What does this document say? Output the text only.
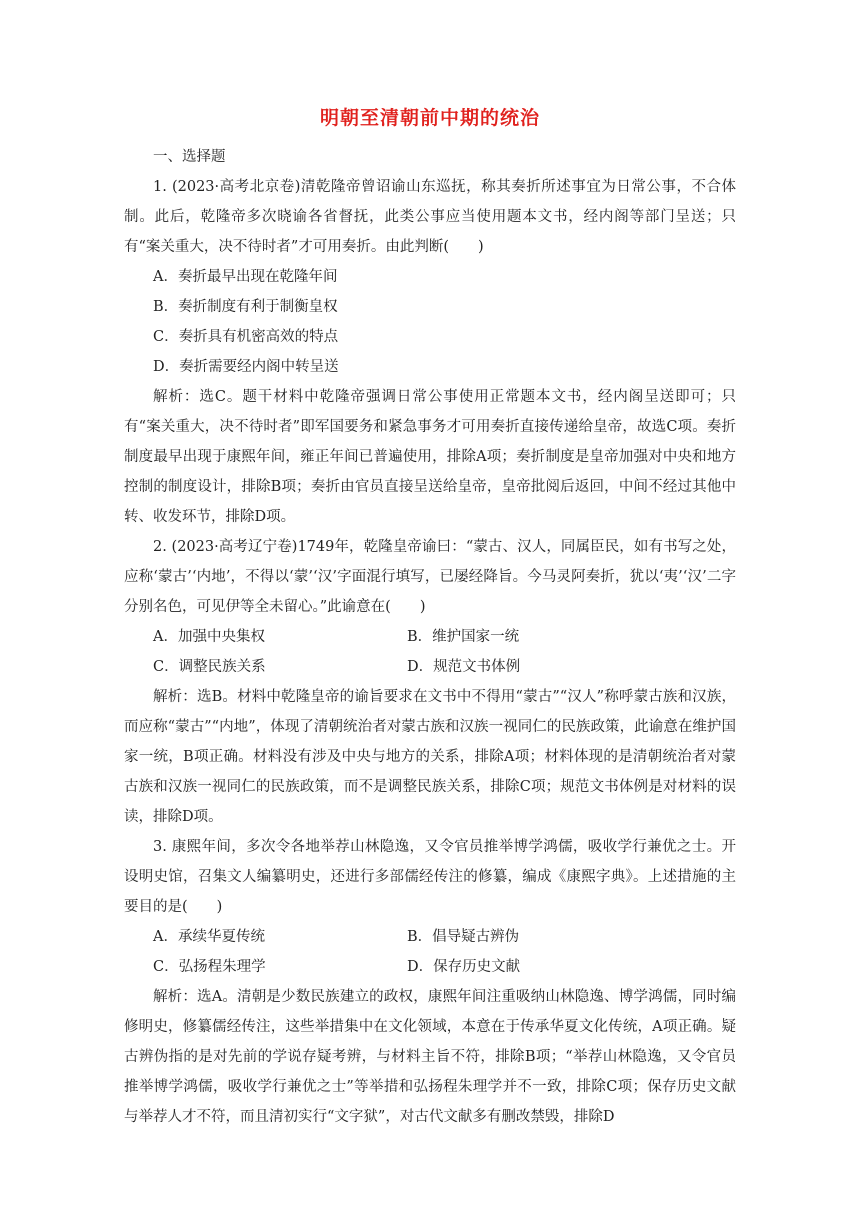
明朝至清朝前中期的统治

一、选择题

1. (2023·高考北京卷)清乾隆帝曾诏谕山东巡抚，称其奏折所述事宜为日常公事，不合体制。此后，乾隆帝多次晓谕各省督抚，此类公事应当使用题本文书，经内阁等部门呈送；只有“案关重大，决不待时者”才可用奏折。由此判断(　　)

A．奏折最早出现在乾隆年间

B．奏折制度有利于制衡皇权

C．奏折具有机密高效的特点

D．奏折需要经内阁中转呈送

解析：选C。题干材料中乾隆帝强调日常公事使用正常题本文书，经内阁呈送即可；只有“案关重大，决不待时者”即军国要务和紧急事务才可用奏折直接传递给皇帝，故选C项。奏折制度最早出现于康熙年间，雍正年间已普遍使用，排除A项；奏折制度是皇帝加强对中央和地方控制的制度设计，排除B项；奏折由官员直接呈送给皇帝，皇帝批阅后返回，中间不经过其他中转、收发环节，排除D项。

2. (2023·高考辽宁卷)1749年，乾隆皇帝谕曰：“蒙古、汉人，同属臣民，如有书写之处，应称‘蒙古’‘内地’，不得以‘蒙’‘汉’字面混行填写，已屡经降旨。今马灵阿奏折，犹以‘夷’‘汉’二字分别名色，可见伊等全未留心。”此谕意在(　　)

A．加强中央集权	B．维护国家一统
C．调整民族关系	D．规范文书体例

解析：选B。材料中乾隆皇帝的谕旨要求在文书中不得用“蒙古”“汉人”称呼蒙古族和汉族，而应称“蒙古”“内地”，体现了清朝统治者对蒙古族和汉族一视同仁的民族政策，此谕意在维护国家一统，B项正确。材料没有涉及中央与地方的关系，排除A项；材料体现的是清朝统治者对蒙古族和汉族一视同仁的民族政策，而不是调整民族关系，排除C项；规范文书体例是对材料的误读，排除D项。

3. 康熙年间，多次令各地举荐山林隐逸，又令官员推举博学鸿儒，吸收学行兼优之士。开设明史馆，召集文人编纂明史，还进行多部儒经传注的修纂，编成《康熙字典》。上述措施的主要目的是(　　)

A．承续华夏传统	B．倡导疑古辨伪
C．弘扬程朱理学	D．保存历史文献

解析：选A。清朝是少数民族建立的政权，康熙年间注重吸纳山林隐逸、博学鸿儒，同时编修明史，修纂儒经传注，这些举措集中在文化领域，本意在于传承华夏文化传统，A项正确。疑古辨伪指的是对先前的学说存疑考辨，与材料主旨不符，排除B项；“举荐山林隐逸，又令官员推举博学鸿儒，吸收学行兼优之士”等举措和弘扬程朱理学并不一致，排除C项；保存历史文献与举荐人才不符，而且清初实行“文字狱”，对古代文献多有删改禁毁，排除D
